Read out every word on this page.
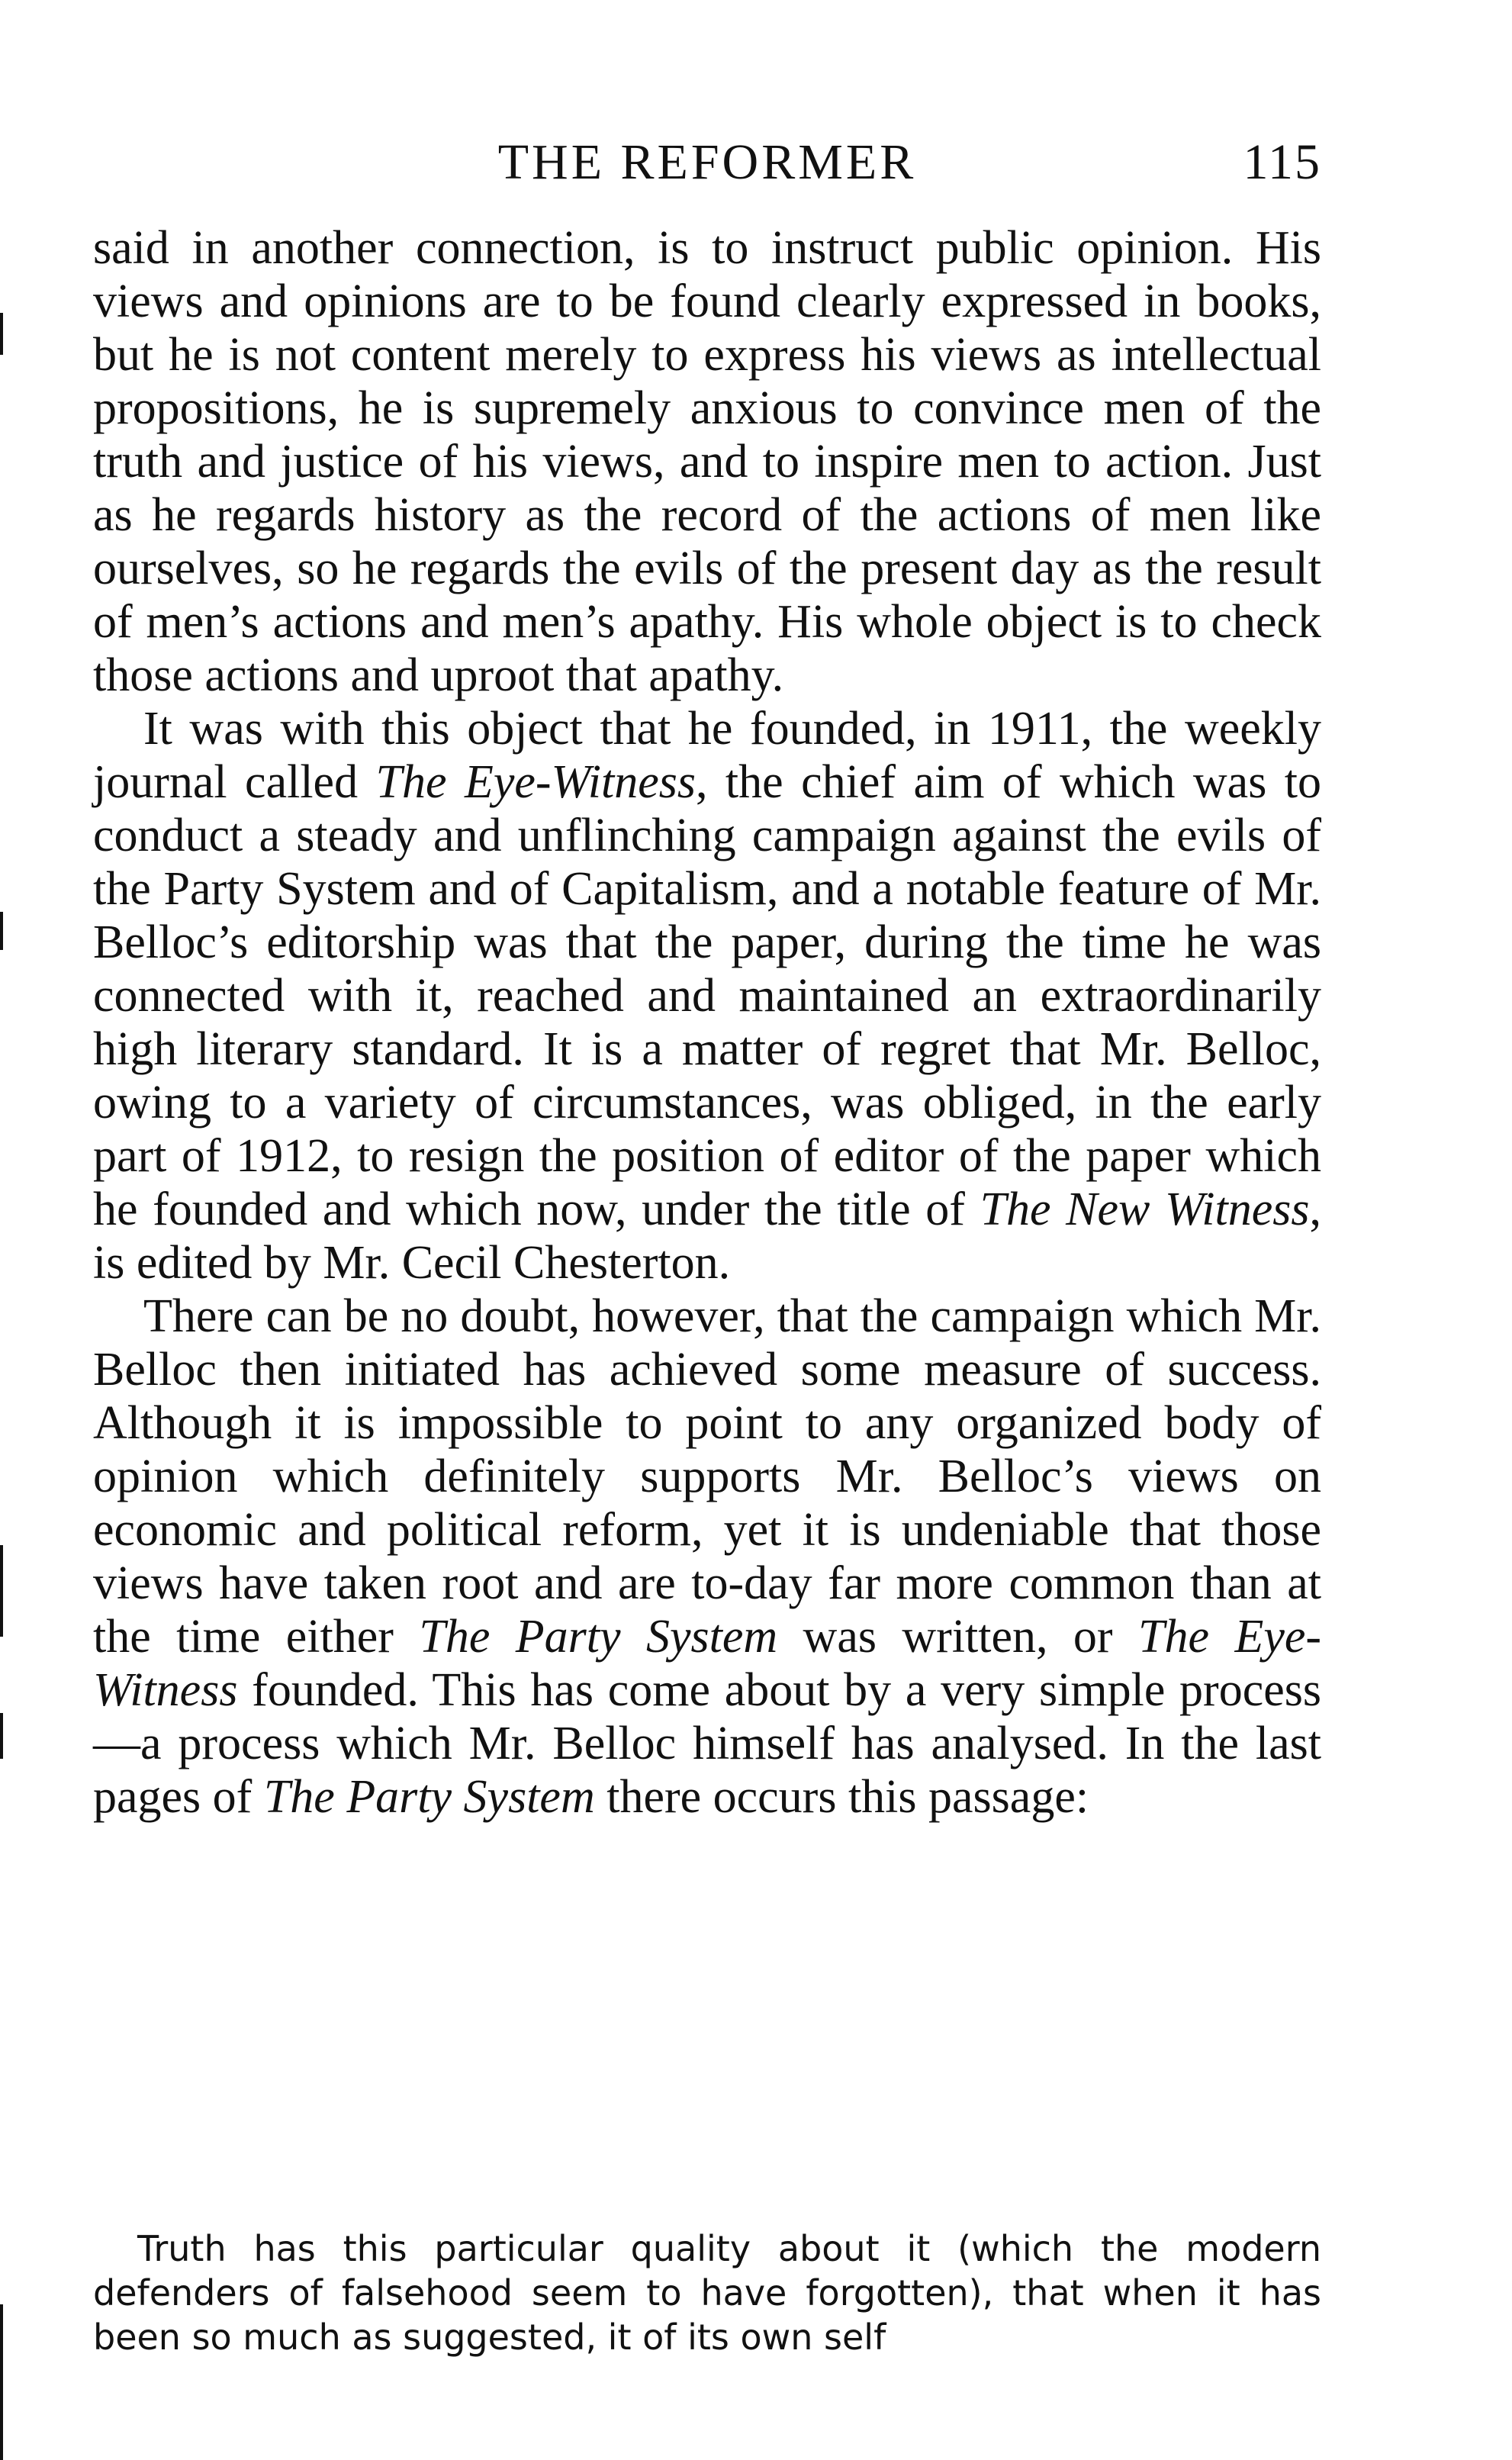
THE REFORMER	115

said in another connection, is to instruct public opinion. His views and opinions are to be found clearly expressed in books, but he is not content merely to express his views as intellectual propositions, he is supremely anxious to convince men of the truth and justice of his views, and to inspire men to action. Just as he regards history as the record of the actions of men like ourselves, so he regards the evils of the present day as the result of men’s actions and men’s apathy. His whole object is to check those actions and uproot that apathy.

It was with this object that he founded, in 1911, the weekly journal called The Eye-Witness, the chief aim of which was to conduct a steady and unflinching campaign against the evils of the Party System and of Capitalism, and a notable feature of Mr. Belloc’s editorship was that the paper, during the time he was connected with it, reached and maintained an extraordinarily high literary standard. It is a matter of regret that Mr. Belloc, owing to a variety of circumstances, was obliged, in the early part of 1912, to resign the position of editor of the paper which he founded and which now, under the title of The New Witness, is edited by Mr. Cecil Chesterton.

There can be no doubt, however, that the campaign which Mr. Belloc then initiated has achieved some measure of success. Although it is impossible to point to any organized body of opinion which definitely supports Mr. Belloc’s views on economic and political reform, yet it is undeniable that those views have taken root and are to-day far more common than at the time either The Party System was written, or The Eye-Witness founded. This has come about by a very simple process—a process which Mr. Belloc himself has analysed. In the last pages of The Party System there occurs this passage:

Truth has this particular quality about it (which the modern defenders of falsehood seem to have forgotten), that when it has been so much as suggested, it of its own self
